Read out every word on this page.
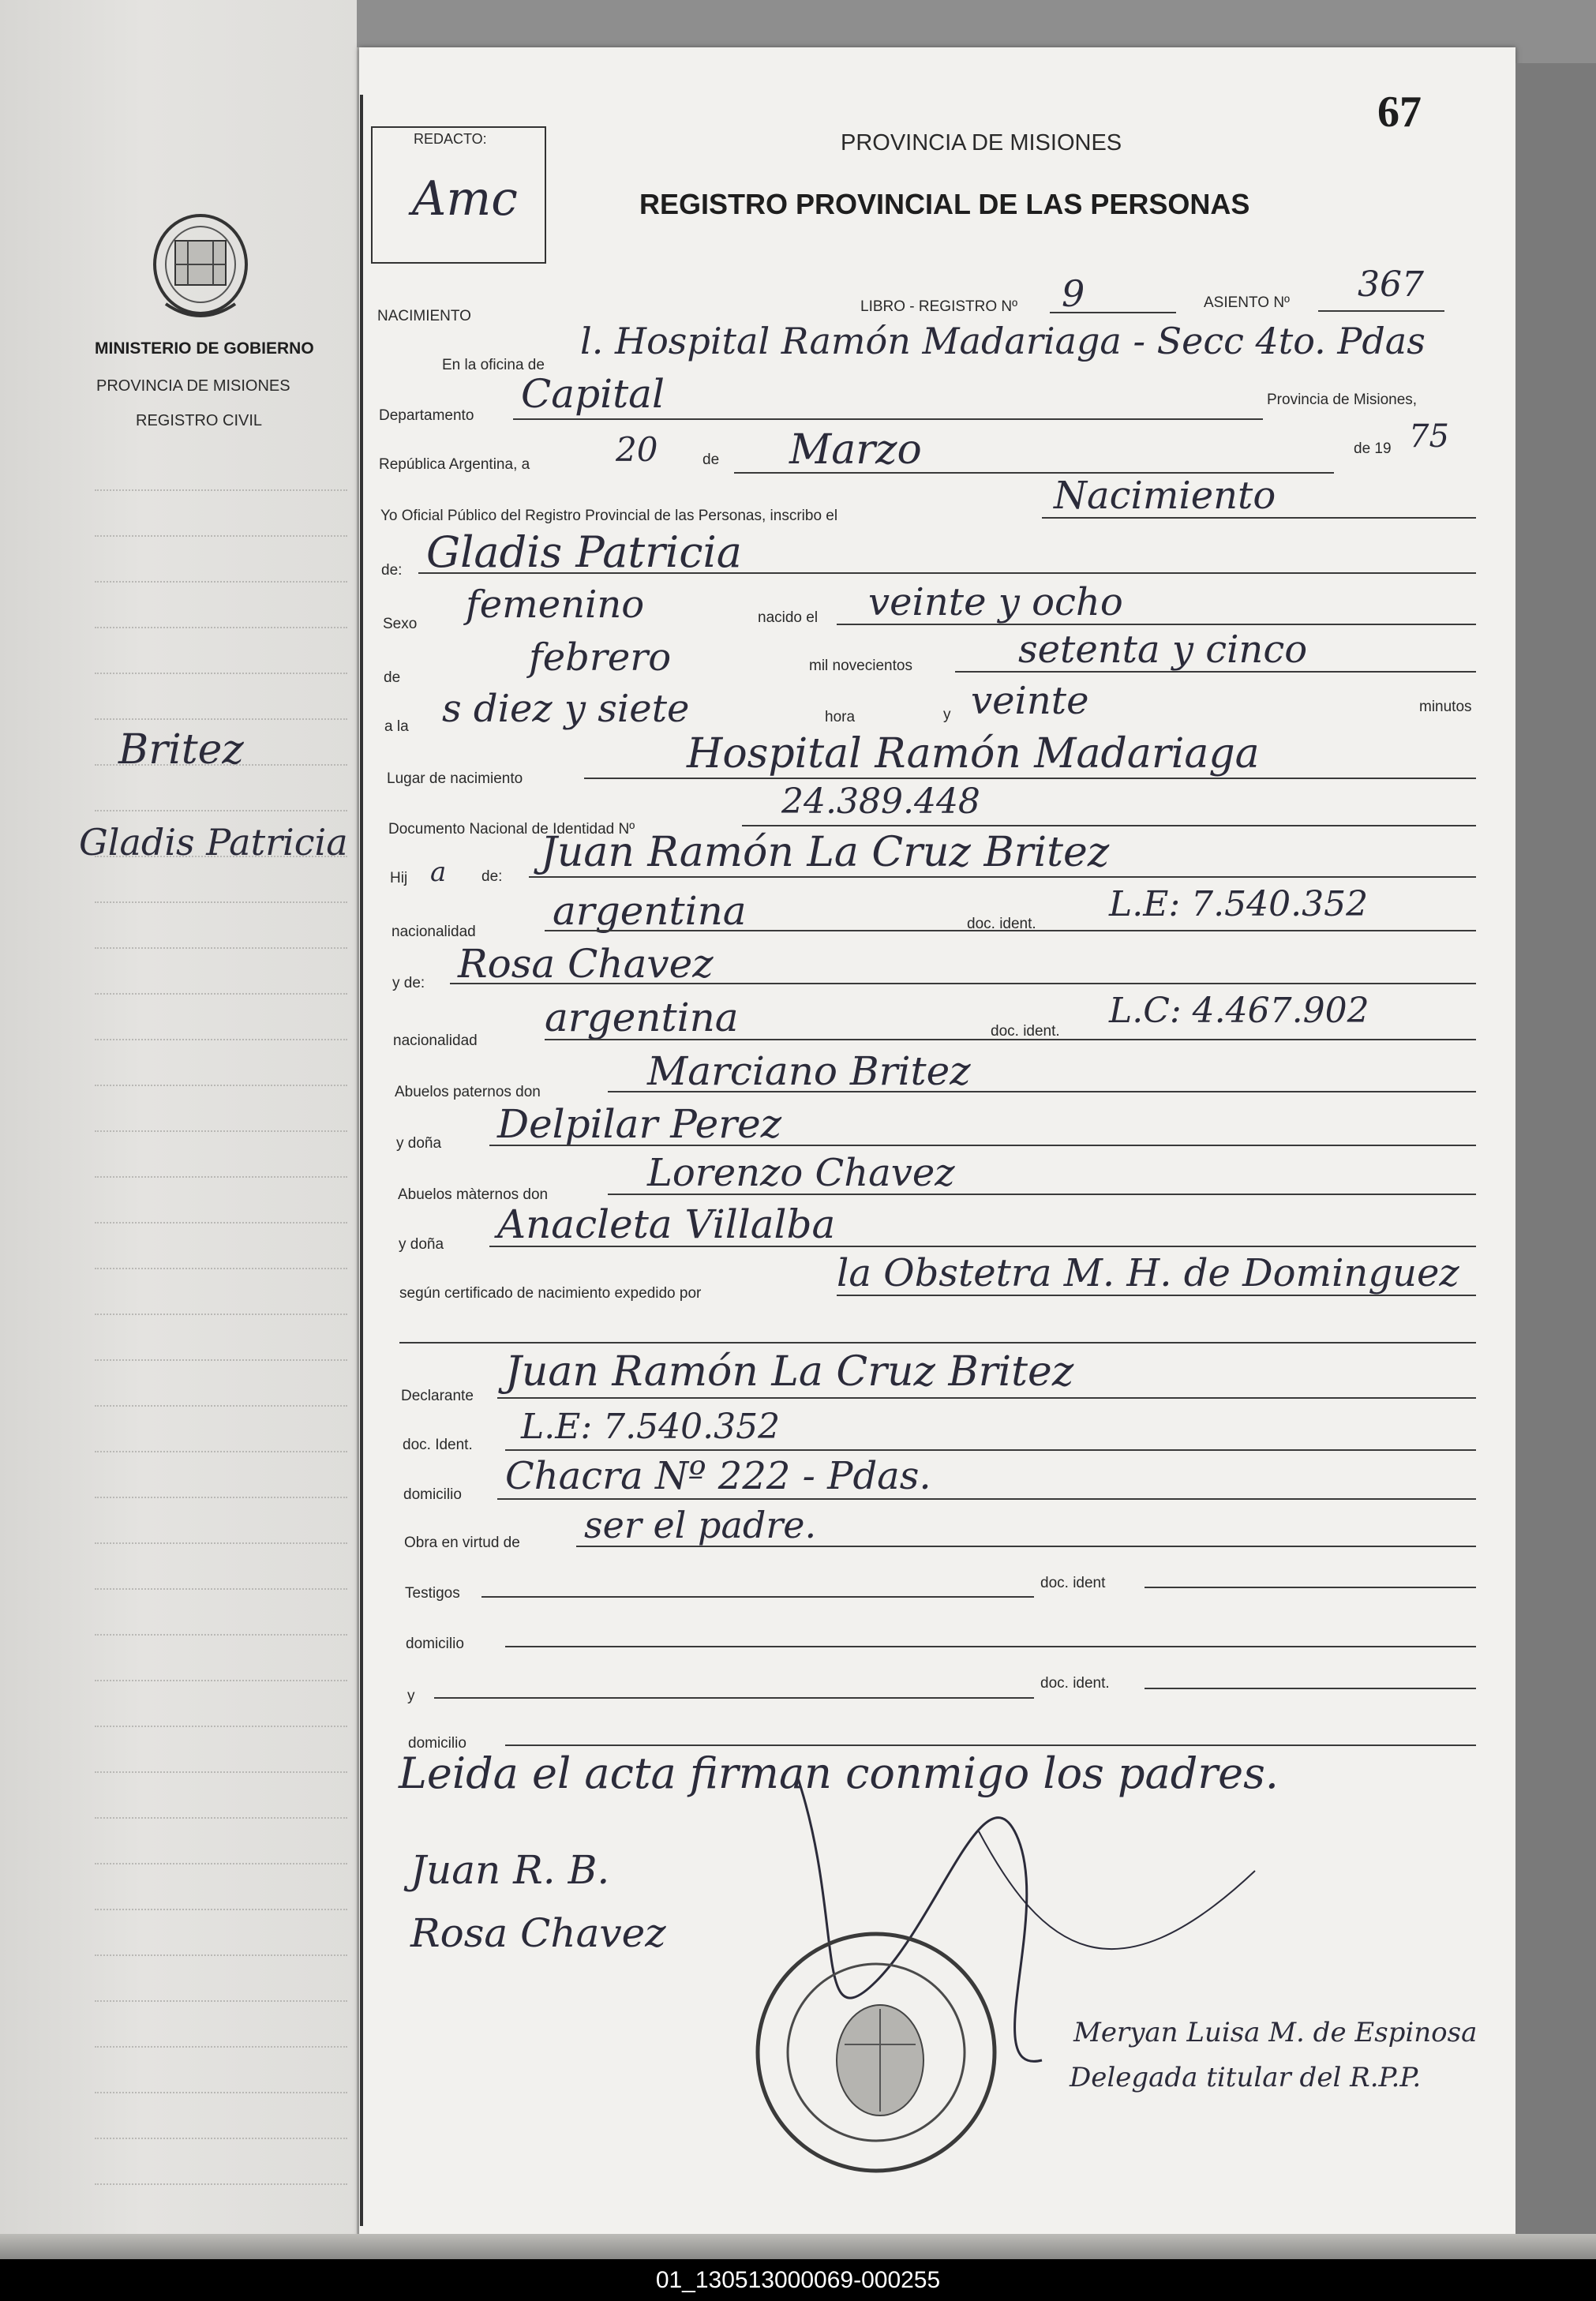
MINISTERIO DE GOBIERNO
PROVINCIA DE MISIONES
REGISTRO CIVIL
Britez
Gladis Patricia
REDACTO:
Amc
67
PROVINCIA DE MISIONES
REGISTRO PROVINCIAL DE LAS PERSONAS
NACIMIENTO
LIBRO - REGISTRO Nº 9	ASIENTO Nº 367
En la oficina de
l. Hospital Ramón Madariaga - Secc 4to. Pdas
Departamento Capital	Provincia de Misiones,
República Argentina, a	20	de Marzo	de 19 75
Yo Oficial Público del Registro Provincial de las Personas, inscribo el	Nacimiento
de: Gladis Patricia
Sexo femenino	nacido el veinte y ocho
de	febrero	mil novecientos	setenta y cinco
a la s diez y siete	hora	y veinte	minutos
Lugar de nacimiento
Hospital Ramón Madariaga
Documento Nacional de Identidad Nº
24.389.448
Hij a de:
Juan Ramón La Cruz Britez
nacionalidad argentina	doc. ident. L.E: 7.540.352
y de: Rosa Chavez
nacionalidad
argentina	doc. ident.
L.C: 4.467.902
Abuelos paternos don	Marciano Britez
y doña Delpilar Perez
Abuelos màternos don	Lorenzo Chavez
y doña Anacleta Villalba
según certificado de nacimiento expedido por	la Obstetra M. H. de Dominguez
Declarante
Juan Ramón La Cruz Britez
doc. Ident. L.E: 7.540.352
domicilio Chacra Nº 222 - Pdas.
Obra en virtud de ser el padre.
Testigos
doc. ident
domicilio
y
doc. ident.
domicilio
Leida el acta firman conmigo los padres.
Juan R. B.
Rosa Chavez
Meryan Luisa M. de Espinosa
Delegada titular del R.P.P.
01_130513000069-000255
